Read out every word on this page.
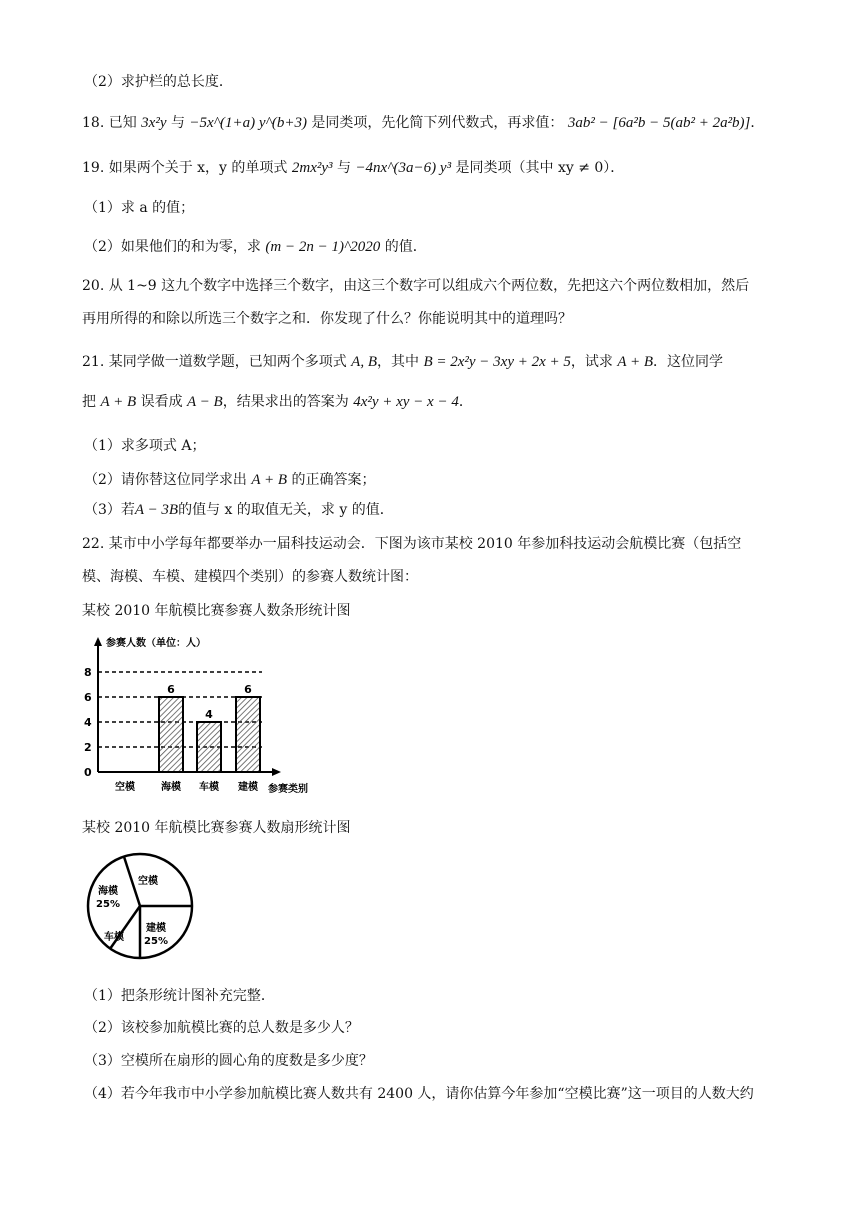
（2）求护栏的总长度．
18. 已知 3x²y 与 −5x^(1+a) y^(b+3) 是同类项，先化简下列代数式，再求值： 3ab² − [6a²b − 5(ab² + 2a²b)]．
19. 如果两个关于 x，y 的单项式 2mx²y³ 与 −4nx^(3a−6) y³ 是同类项（其中 xy ≠ 0）．
（1）求 a 的值；
（2）如果他们的和为零，求 (m − 2n − 1)^2020 的值．
20. 从 1~9 这九个数字中选择三个数字，由这三个数字可以组成六个两位数，先把这六个两位数相加，然后
再用所得的和除以所选三个数字之和．你发现了什么？你能说明其中的道理吗？
21. 某同学做一道数学题，已知两个多项式 A, B，其中 B = 2x²y − 3xy + 2x + 5，试求 A + B．这位同学
把 A + B 误看成 A − B，结果求出的答案为 4x²y + xy − x − 4．
（1）求多项式 A；
（2）请你替这位同学求出 A + B 的正确答案；
（3）若A − 3B的值与 x 的取值无关，求 y 的值．
22. 某市中小学每年都要举办一届科技运动会．下图为该市某校 2010 年参加科技运动会航模比赛（包括空
模、海模、车模、建模四个类别）的参赛人数统计图：
某校 2010 年航模比赛参赛人数条形统计图
参赛人数（单位：人）
参赛类别
0
2
4
6
8
6
4
6
空模	海模 车模 建模
某校 2010 年航模比赛参赛人数扇形统计图
空模
建模
25%
车模
海模
25%
（1）把条形统计图补充完整．
（2）该校参加航模比赛的总人数是多少人？
（3）空模所在扇形的圆心角的度数是多少度？
（4）若今年我市中小学参加航模比赛人数共有 2400 人，请你估算今年参加“空模比赛”这一项目的人数大约
